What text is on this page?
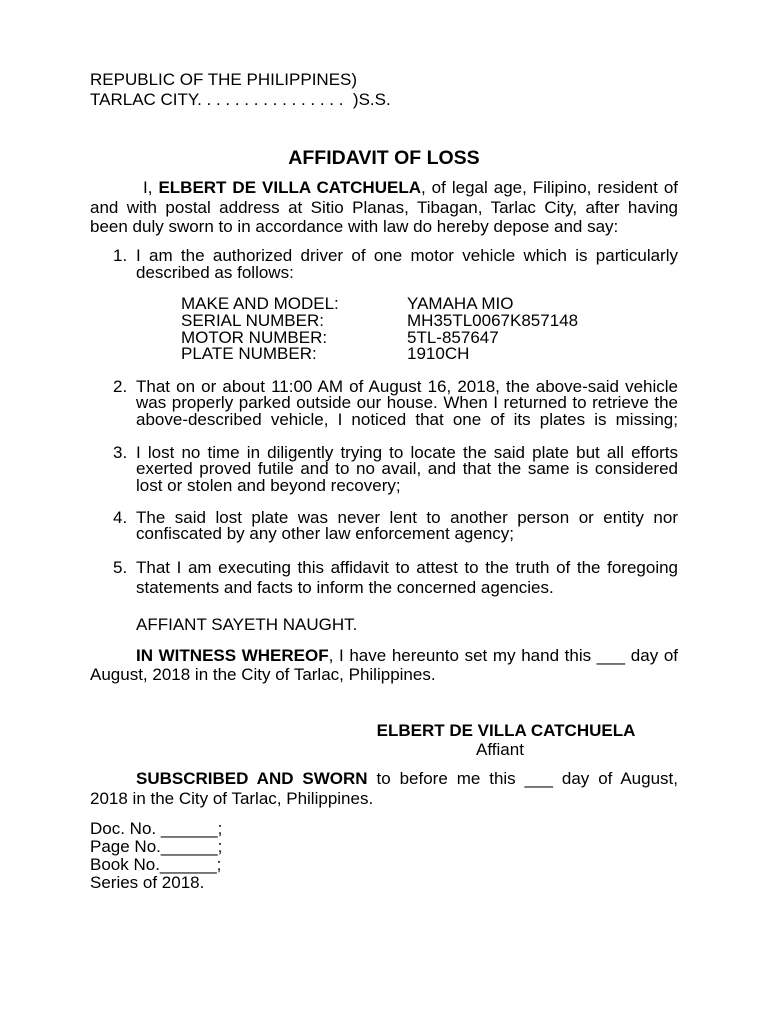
REPUBLIC OF THE PHILIPPINES)
TARLAC CITY. . . . . . . . . . . . . . . .  )S.S.
AFFIDAVIT OF LOSS
I, ELBERT DE VILLA CATCHUELA, of legal age, Filipino, resident of
and with postal address at Sitio Planas, Tibagan, Tarlac City, after having
been duly sworn to in accordance with law do hereby depose and say:
1. I am the authorized driver of one motor vehicle which is particularly
described as follows:
MAKE AND MODEL:	YAMAHA MIO
SERIAL NUMBER:	MH35TL0067K857148
MOTOR NUMBER:	5TL-857647
PLATE NUMBER:	1910CH
2. That on or about 11:00 AM of August 16, 2018, the above-said vehicle
was properly parked outside our house. When I returned to retrieve the
above-described vehicle, I noticed that one of its plates is missing;
3. I lost no time in diligently trying to locate the said plate but all efforts
exerted proved futile and to no avail, and that the same is considered
lost or stolen and beyond recovery;
4. The said lost plate was never lent to another person or entity nor
confiscated by any other law enforcement agency;
5. That I am executing this affidavit to attest to the truth of the foregoing
statements and facts to inform the concerned agencies.
AFFIANT SAYETH NAUGHT.
IN WITNESS WHEREOF, I have hereunto set my hand this ___ day of
August, 2018 in the City of Tarlac, Philippines.
ELBERT DE VILLA CATCHUELA
Affiant
SUBSCRIBED AND SWORN to before me this ___ day of August,
2018 in the City of Tarlac, Philippines.
Doc. No. ______;
Page No.______;
Book No.______;
Series of 2018.
